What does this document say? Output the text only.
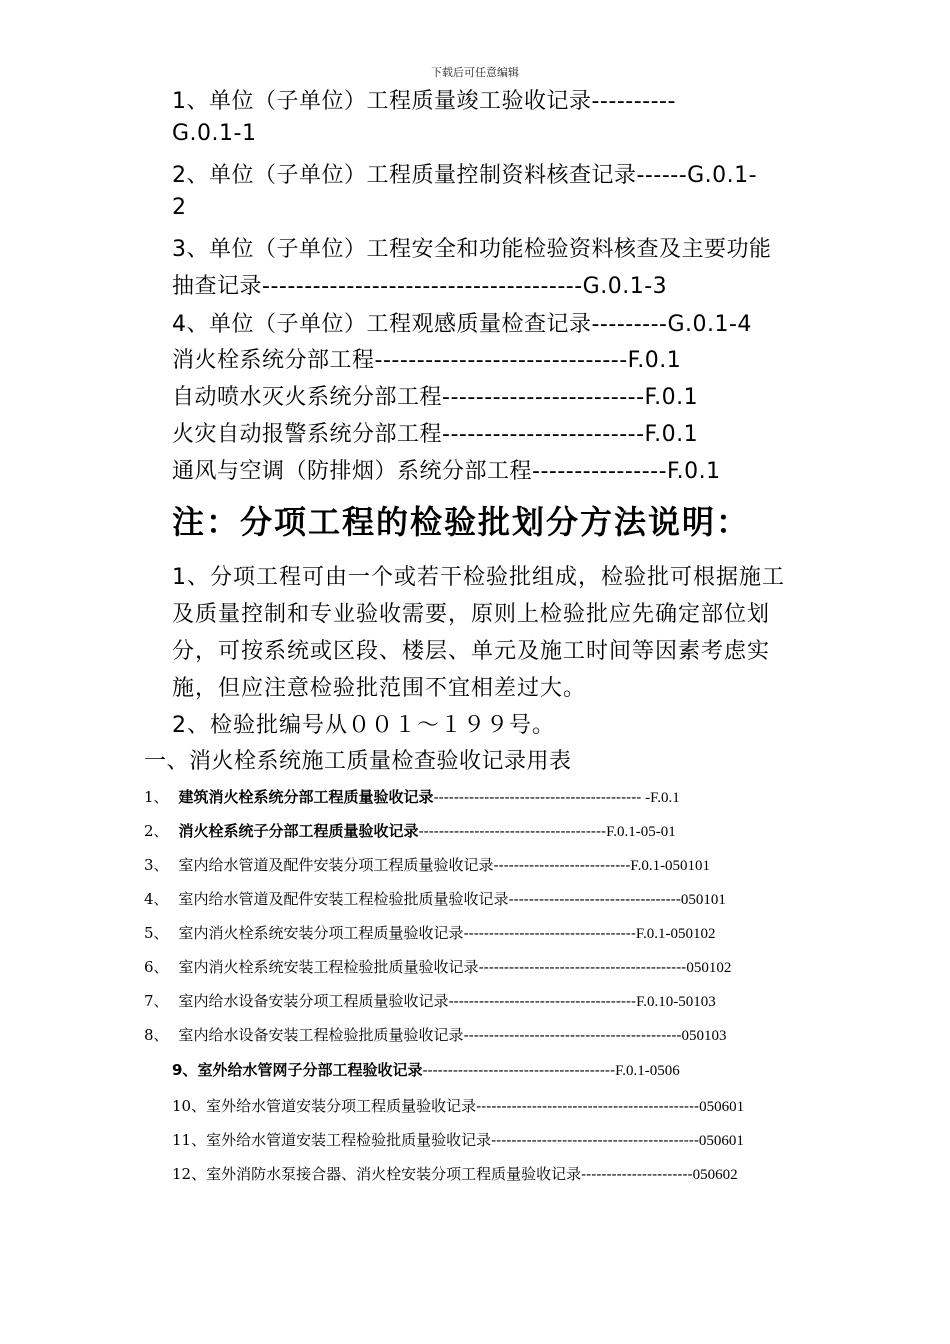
下载后可任意编辑
1、单位（子单位）工程质量竣工验收记录----------
G.0.1-1
2、单位（子单位）工程质量控制资料核查记录------G.0.1-
2
3、单位（子单位）工程安全和功能检验资料核查及主要功能
抽查记录--------------------------------------G.0.1-3
4、单位（子单位）工程观感质量检查记录---------G.0.1-4
消火栓系统分部工程------------------------------F.0.1
自动喷水灭火系统分部工程------------------------F.0.1
火灾自动报警系统分部工程------------------------F.0.1
通风与空调（防排烟）系统分部工程----------------F.0.1
注：分项工程的检验批划分方法说明：
1、分项工程可由一个或若干检验批组成，检验批可根据施工
及质量控制和专业验收需要，原则上检验批应先确定部位划
分，可按系统或区段、楼层、单元及施工时间等因素考虑实
施，但应注意检验批范围不宜相差过大。
2、检验批编号从００１～１９９号。
一、消火栓系统施工质量检查验收记录用表
1、 建筑消火栓系统分部工程质量验收记录----------------------------------------- -F.0.1
2、 消火栓系统子分部工程质量验收记录-------------------------------------F.0.1-05-01
3、 室内给水管道及配件安装分项工程质量验收记录---------------------------F.0.1-050101
4、 室内给水管道及配件安装工程检验批质量验收记录----------------------------------050101
5、 室内消火栓系统安装分项工程质量验收记录----------------------------------F.0.1-050102
6、 室内消火栓系统安装工程检验批质量验收记录-----------------------------------------050102
7、 室内给水设备安装分项工程质量验收记录-------------------------------------F.0.10-50103
8、 室内给水设备安装工程检验批质量验收记录-------------------------------------------050103
9、室外给水管网子分部工程验收记录--------------------------------------F.0.1-0506
10、室外给水管道安装分项工程质量验收记录--------------------------------------------050601
11、室外给水管道安装工程检验批质量验收记录-----------------------------------------050601
12、室外消防水泵接合器、消火栓安装分项工程质量验收记录----------------------050602
